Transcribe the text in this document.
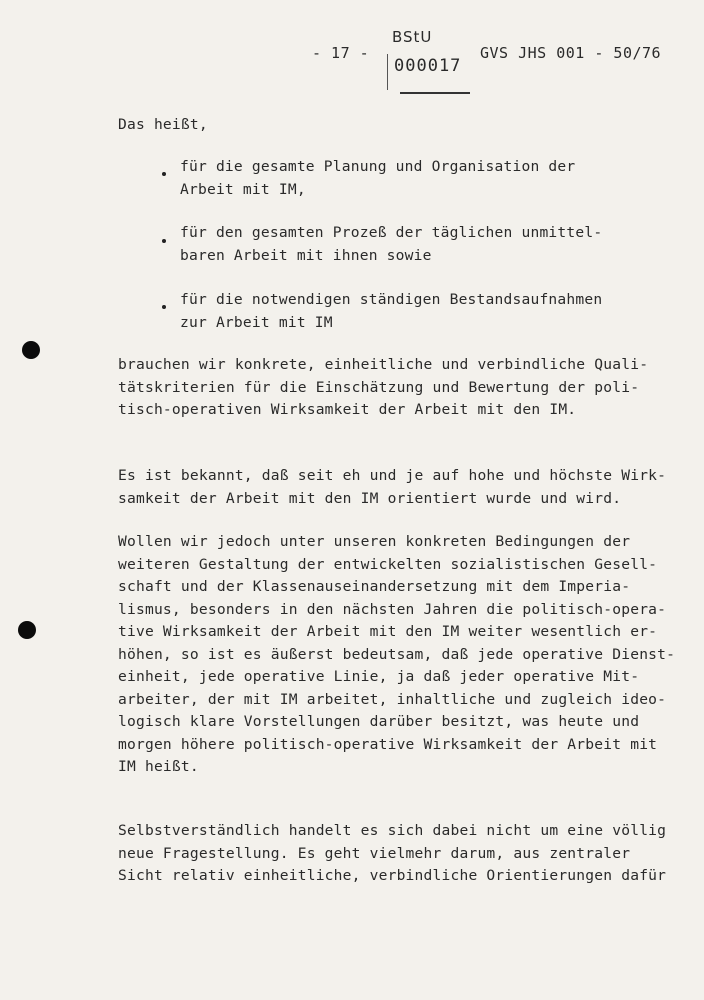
- 17 -
BStU
000017
GVS JHS 001 - 50/76
Das heißt,
für die gesamte Planung und Organisation der
Arbeit mit IM,
für den gesamten Prozeß der täglichen unmittel-
baren Arbeit mit ihnen sowie
für die notwendigen ständigen Bestandsaufnahmen
zur Arbeit mit IM
brauchen wir konkrete, einheitliche und verbindliche Quali-
tätskriterien für die Einschätzung und Bewertung der poli-
tisch-operativen Wirksamkeit der Arbeit mit den IM.
Es ist bekannt, daß seit eh und je auf hohe und höchste Wirk-
samkeit der Arbeit mit den IM orientiert wurde und wird.
Wollen wir jedoch unter unseren konkreten Bedingungen der
weiteren Gestaltung der entwickelten sozialistischen Gesell-
schaft und der Klassenauseinandersetzung mit dem Imperia-
lismus, besonders in den nächsten Jahren die politisch-opera-
tive Wirksamkeit der Arbeit mit den IM weiter wesentlich er-
höhen, so ist es äußerst bedeutsam, daß jede operative Dienst-
einheit, jede operative Linie, ja daß jeder operative Mit-
arbeiter, der mit IM arbeitet, inhaltliche und zugleich ideo-
logisch klare Vorstellungen darüber besitzt, was heute und
morgen höhere politisch-operative Wirksamkeit der Arbeit mit
IM heißt.
Selbstverständlich handelt es sich dabei nicht um eine völlig
neue Fragestellung. Es geht vielmehr darum, aus zentraler
Sicht relativ einheitliche, verbindliche Orientierungen dafür
